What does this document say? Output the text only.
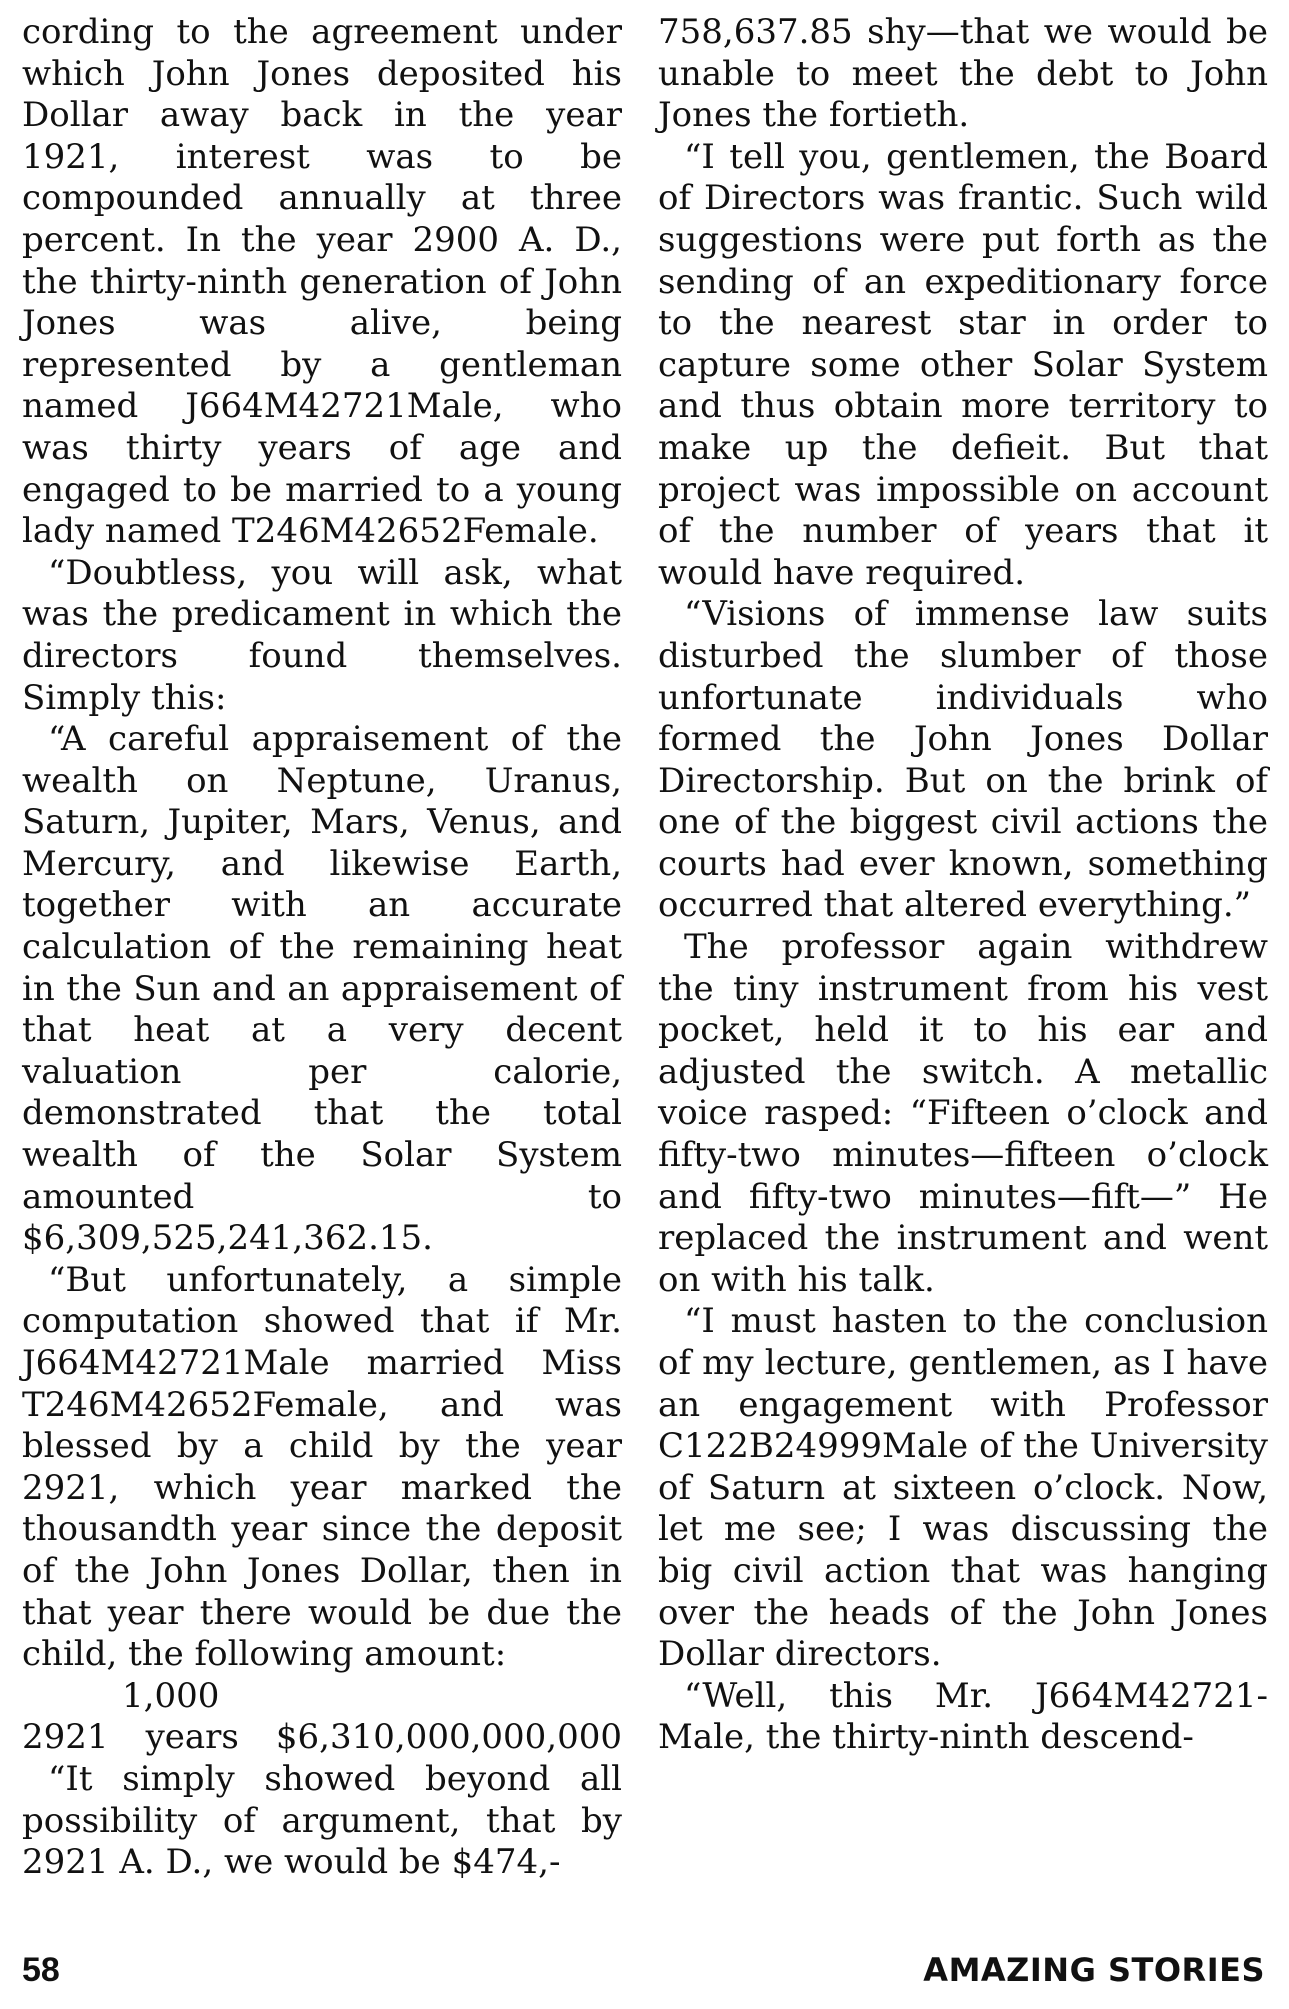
cording to the agreement under which John Jones deposited his Dollar away back in the year 1921, interest was to be compounded annually at three percent. In the year 2900 A. D., the thirty-ninth generation of John Jones was alive, being represented by a gentleman named J664M42721Male, who was thirty years of age and engaged to be married to a young lady named T246M42652Female.

“Doubtless, you will ask, what was the predicament in which the directors found themselves. Simply this:

“A careful appraisement of the wealth on Neptune, Uranus, Saturn, Jupiter, Mars, Venus, and Mercury, and likewise Earth, together with an accurate calculation of the remaining heat in the Sun and an appraisement of that heat at a very decent valuation per calorie, demonstrated that the total wealth of the Solar System amounted to $6,309,525,241,362.15.

“But unfortunately, a simple computation showed that if Mr. J664M42721Male married Miss T246M42652Female, and was blessed by a child by the year 2921, which year marked the thousandth year since the deposit of the John Jones Dollar, then in that year there would be due the child, the following amount:

1,000

2921 years $6,310,000,000,000

“It simply showed beyond all possibility of argument, that by 2921 A. D., we would be $474,-

758,637.85 shy—that we would be unable to meet the debt to John Jones the fortieth.

“I tell you, gentlemen, the Board of Directors was frantic. Such wild suggestions were put forth as the sending of an expeditionary force to the nearest star in order to capture some other Solar System and thus obtain more territory to make up the defieit. But that project was impossible on account of the number of years that it would have required.

“Visions of immense law suits disturbed the slumber of those unfortunate individuals who formed the John Jones Dollar Directorship. But on the brink of one of the biggest civil actions the courts had ever known, something occurred that altered everything.”

The professor again withdrew the tiny instrument from his vest pocket, held it to his ear and adjusted the switch. A metallic voice rasped: “Fifteen o’clock and fifty-two minutes—fifteen o’clock and fifty-two minutes—fift—” He replaced the instrument and went on with his talk.

“I must hasten to the conclusion of my lecture, gentlemen, as I have an engagement with Professor C122B24999Male of the University of Saturn at sixteen o’clock. Now, let me see; I was discussing the big civil action that was hanging over the heads of the John Jones Dollar directors.

“Well, this Mr. J664M42721-Male, the thirty-ninth descend-

58	AMAZING STORIES
